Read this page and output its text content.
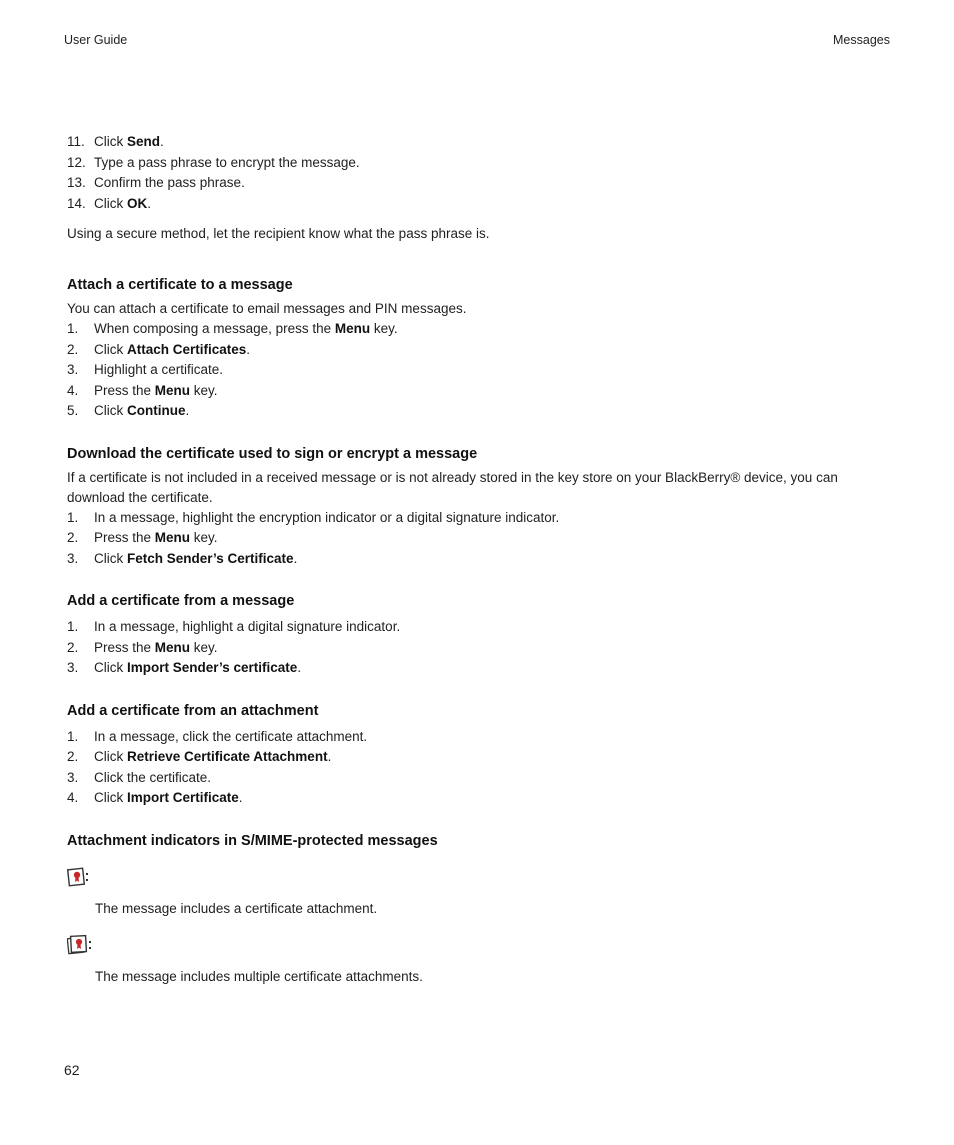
User Guide	Messages
11. Click Send.
12. Type a pass phrase to encrypt the message.
13. Confirm the pass phrase.
14. Click OK.

Using a secure method, let the recipient know what the pass phrase is.

Attach a certificate to a message

You can attach a certificate to email messages and PIN messages.

1.	When composing a message, press the Menu key.
2.	Click Attach Certificates.
3.	Highlight a certificate.
4.	Press the Menu key.
5.	Click Continue.
Download the certificate used to sign or encrypt a message

If a certificate is not included in a received message or is not already stored in the key store on your BlackBerry® device, you can download the certificate.

1.	In a message, highlight the encryption indicator or a digital signature indicator.
2.	Press the Menu key.
3.	Click Fetch Sender’s Certificate.
Add a certificate from a message
1.	In a message, highlight a digital signature indicator.
2.	Press the Menu key.
3.	Click Import Sender’s certificate.
Add a certificate from an attachment
1.	In a message, click the certificate attachment.
2.	Click Retrieve Certificate Attachment.
3.	Click the certificate.
4.	Click Import Certificate.
Attachment indicators in S/MIME-protected messages
The message includes a certificate attachment.
The message includes multiple certificate attachments.
62
